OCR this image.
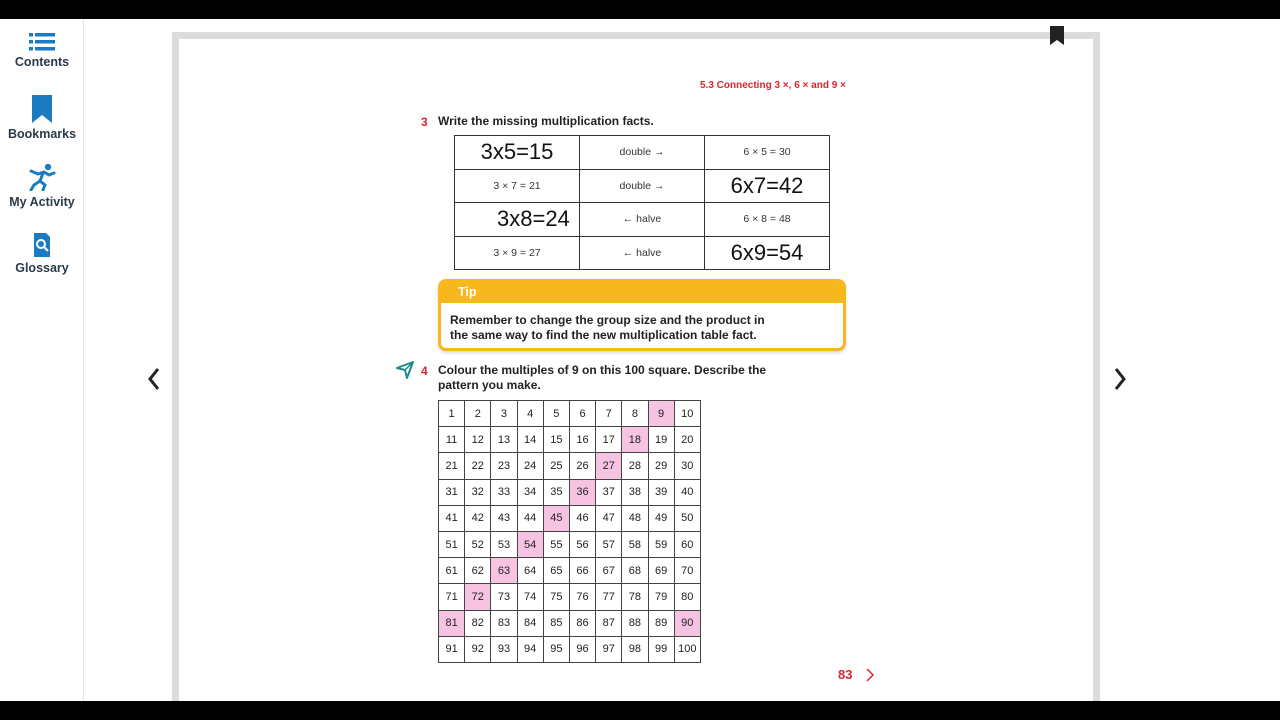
Contents
Bookmarks
My Activity
Glossary
5.3 Connecting 3 ×, 6 × and 9 ×
3 Write the missing multiplication facts.
3x5=15	double →	6 × 5 = 30
3 × 7 = 21	double →	6x7=42
3x8=24	← halve	6 × 8 = 48
3 × 9 = 27	← halve	6x9=54
Tip
Remember to change the group size and the product in
the same way to find the new multiplication table fact.
4 Colour the multiples of 9 on this 100 square. Describe the
pattern you make.
1	2	3	4	5	6	7	8	9	10
11	12	13	14	15	16	17	18	19	20
21	22	23	24	25	26	27	28	29	30
31	32	33	34	35	36	37	38	39	40
41	42	43	44	45	46	47	48	49	50
51	52	53	54	55	56	57	58	59	60
61	62	63	64	65	66	67	68	69	70
71	72	73	74	75	76	77	78	79	80
81	82	83	84	85	86	87	88	89	90
91	92	93	94	95	96	97	98	99	100
83
